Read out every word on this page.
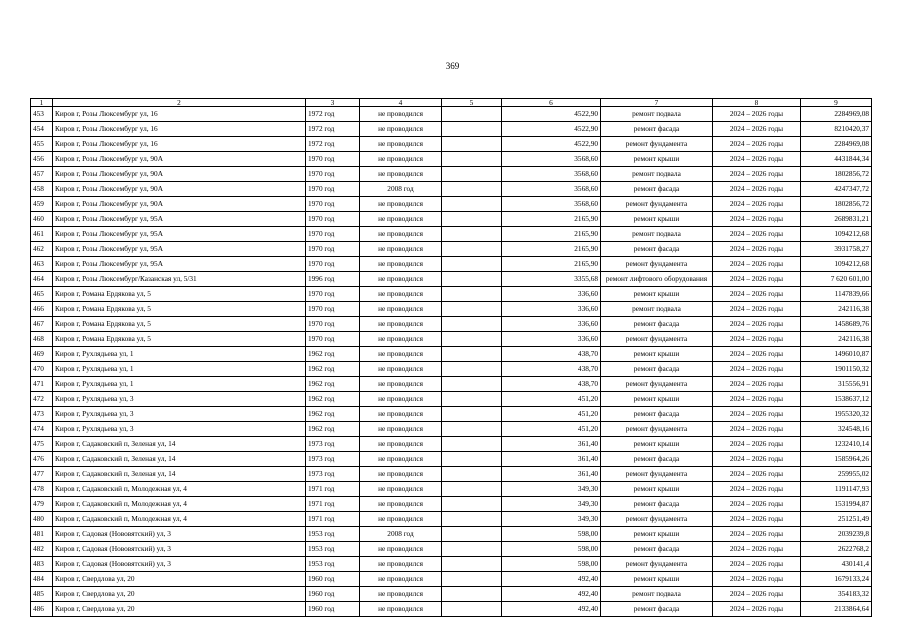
369
1	2	3	4	5	6	7	8	9
453	Киров г, Розы Люксембург ул, 16	1972 год	не проводился		4522,90	ремонт подвала	2024 – 2026 годы	2284969,08
454	Киров г, Розы Люксембург ул, 16	1972 год	не проводился		4522,90	ремонт фасада	2024 – 2026 годы	8210420,37
455	Киров г, Розы Люксембург ул, 16	1972 год	не проводился		4522,90	ремонт фундамента	2024 – 2026 годы	2284969,08
456	Киров г, Розы Люксембург ул, 90А	1970 год	не проводился		3568,60	ремонт крыши	2024 – 2026 годы	4431844,34
457	Киров г, Розы Люксембург ул, 90А	1970 год	не проводился		3568,60	ремонт подвала	2024 – 2026 годы	1802856,72
458	Киров г, Розы Люксембург ул, 90А	1970 год	2008 год		3568,60	ремонт фасада	2024 – 2026 годы	4247347,72
459	Киров г, Розы Люксембург ул, 90А	1970 год	не проводился		3568,60	ремонт фундамента	2024 – 2026 годы	1802856,72
460	Киров г, Розы Люксембург ул, 95А	1970 год	не проводился		2165,90	ремонт крыши	2024 – 2026 годы	2689831,21
461	Киров г, Розы Люксембург ул, 95А	1970 год	не проводился		2165,90	ремонт подвала	2024 – 2026 годы	1094212,68
462	Киров г, Розы Люксембург ул, 95А	1970 год	не проводился		2165,90	ремонт фасада	2024 – 2026 годы	3931758,27
463	Киров г, Розы Люксембург ул, 95А	1970 год	не проводился		2165,90	ремонт фундамента	2024 – 2026 годы	1094212,68
464	Киров г, Розы Люксембург/Казанская ул, 5/31	1996 год	не проводился		3355,68	ремонт лифтового оборудования	2024 – 2026 годы	7 620 601,00
465	Киров г, Романа Ердякова ул, 5	1970 год	не проводился		336,60	ремонт крыши	2024 – 2026 годы	1147839,66
466	Киров г, Романа Ердякова ул, 5	1970 год	не проводился		336,60	ремонт подвала	2024 – 2026 годы	242116,38
467	Киров г, Романа Ердякова ул, 5	1970 год	не проводился		336,60	ремонт фасада	2024 – 2026 годы	1458689,76
468	Киров г, Романа Ердякова ул, 5	1970 год	не проводился		336,60	ремонт фундамента	2024 – 2026 годы	242116,38
469	Киров г, Рухлядьева ул, 1	1962 год	не проводился		438,70	ремонт крыши	2024 – 2026 годы	1496010,87
470	Киров г, Рухлядьева ул, 1	1962 год	не проводился		438,70	ремонт фасада	2024 – 2026 годы	1901150,32
471	Киров г, Рухлядьева ул, 1	1962 год	не проводился		438,70	ремонт фундамента	2024 – 2026 годы	315556,91
472	Киров г, Рухлядьева ул, 3	1962 год	не проводился		451,20	ремонт крыши	2024 – 2026 годы	1538637,12
473	Киров г, Рухлядьева ул, 3	1962 год	не проводился		451,20	ремонт фасада	2024 – 2026 годы	1955320,32
474	Киров г, Рухлядьева ул, 3	1962 год	не проводился		451,20	ремонт фундамента	2024 – 2026 годы	324548,16
475	Киров г, Садаковский п, Зеленая ул, 14	1973 год	не проводился		361,40	ремонт крыши	2024 – 2026 годы	1232410,14
476	Киров г, Садаковский п, Зеленая ул, 14	1973 год	не проводился		361,40	ремонт фасада	2024 – 2026 годы	1585964,26
477	Киров г, Садаковский п, Зеленая ул, 14	1973 год	не проводился		361,40	ремонт фундамента	2024 – 2026 годы	259955,02
478	Киров г, Садаковский п, Молодежная ул, 4	1971 год	не проводился		349,30	ремонт крыши	2024 – 2026 годы	1191147,93
479	Киров г, Садаковский п, Молодежная ул, 4	1971 год	не проводился		349,30	ремонт фасада	2024 – 2026 годы	1531994,87
480	Киров г, Садаковский п, Молодежная ул, 4	1971 год	не проводился		349,30	ремонт фундамента	2024 – 2026 годы	251251,49
481	Киров г, Садовая (Нововятский) ул, 3	1953 год	2008 год		598,00	ремонт крыши	2024 – 2026 годы	2039239,8
482	Киров г, Садовая (Нововятский) ул, 3	1953 год	не проводился		598,00	ремонт фасада	2024 – 2026 годы	2622768,2
483	Киров г, Садовая (Нововятский) ул, 3	1953 год	не проводился		598,00	ремонт фундамента	2024 – 2026 годы	430141,4
484	Киров г, Свердлова ул, 20	1960 год	не проводился		492,40	ремонт крыши	2024 – 2026 годы	1679133,24
485	Киров г, Свердлова ул, 20	1960 год	не проводился		492,40	ремонт подвала	2024 – 2026 годы	354183,32
486	Киров г, Свердлова ул, 20	1960 год	не проводился		492,40	ремонт фасада	2024 – 2026 годы	2133864,64
